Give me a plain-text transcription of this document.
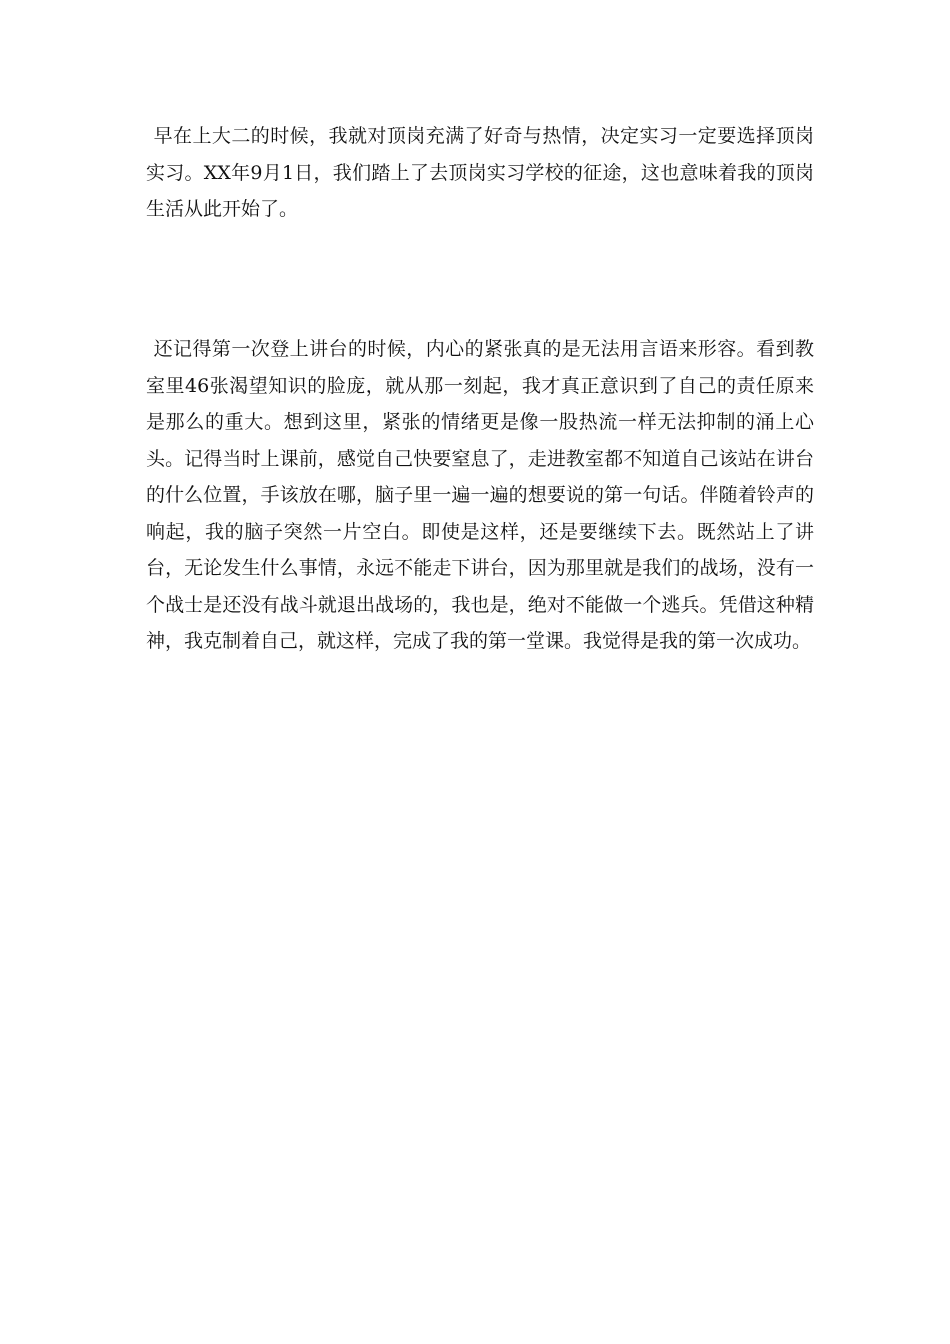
早在上大二的时候，我就对顶岗充满了好奇与热情，决定实习一定要选择顶岗实习。XX年9月1日，我们踏上了去顶岗实习学校的征途，这也意味着我的顶岗生活从此开始了。

还记得第一次登上讲台的时候，内心的紧张真的是无法用言语来形容。看到教室里46张渴望知识的脸庞，就从那一刻起，我才真正意识到了自己的责任原来是那么的重大。想到这里，紧张的情绪更是像一股热流一样无法抑制的涌上心头。记得当时上课前，感觉自己快要窒息了，走进教室都不知道自己该站在讲台的什么位置，手该放在哪，脑子里一遍一遍的想要说的第一句话。伴随着铃声的响起，我的脑子突然一片空白。即使是这样，还是要继续下去。既然站上了讲台，无论发生什么事情，永远不能走下讲台，因为那里就是我们的战场，没有一个战士是还没有战斗就退出战场的，我也是，绝对不能做一个逃兵。凭借这种精神，我克制着自己，就这样，完成了我的第一堂课。我觉得是我的第一次成功。
